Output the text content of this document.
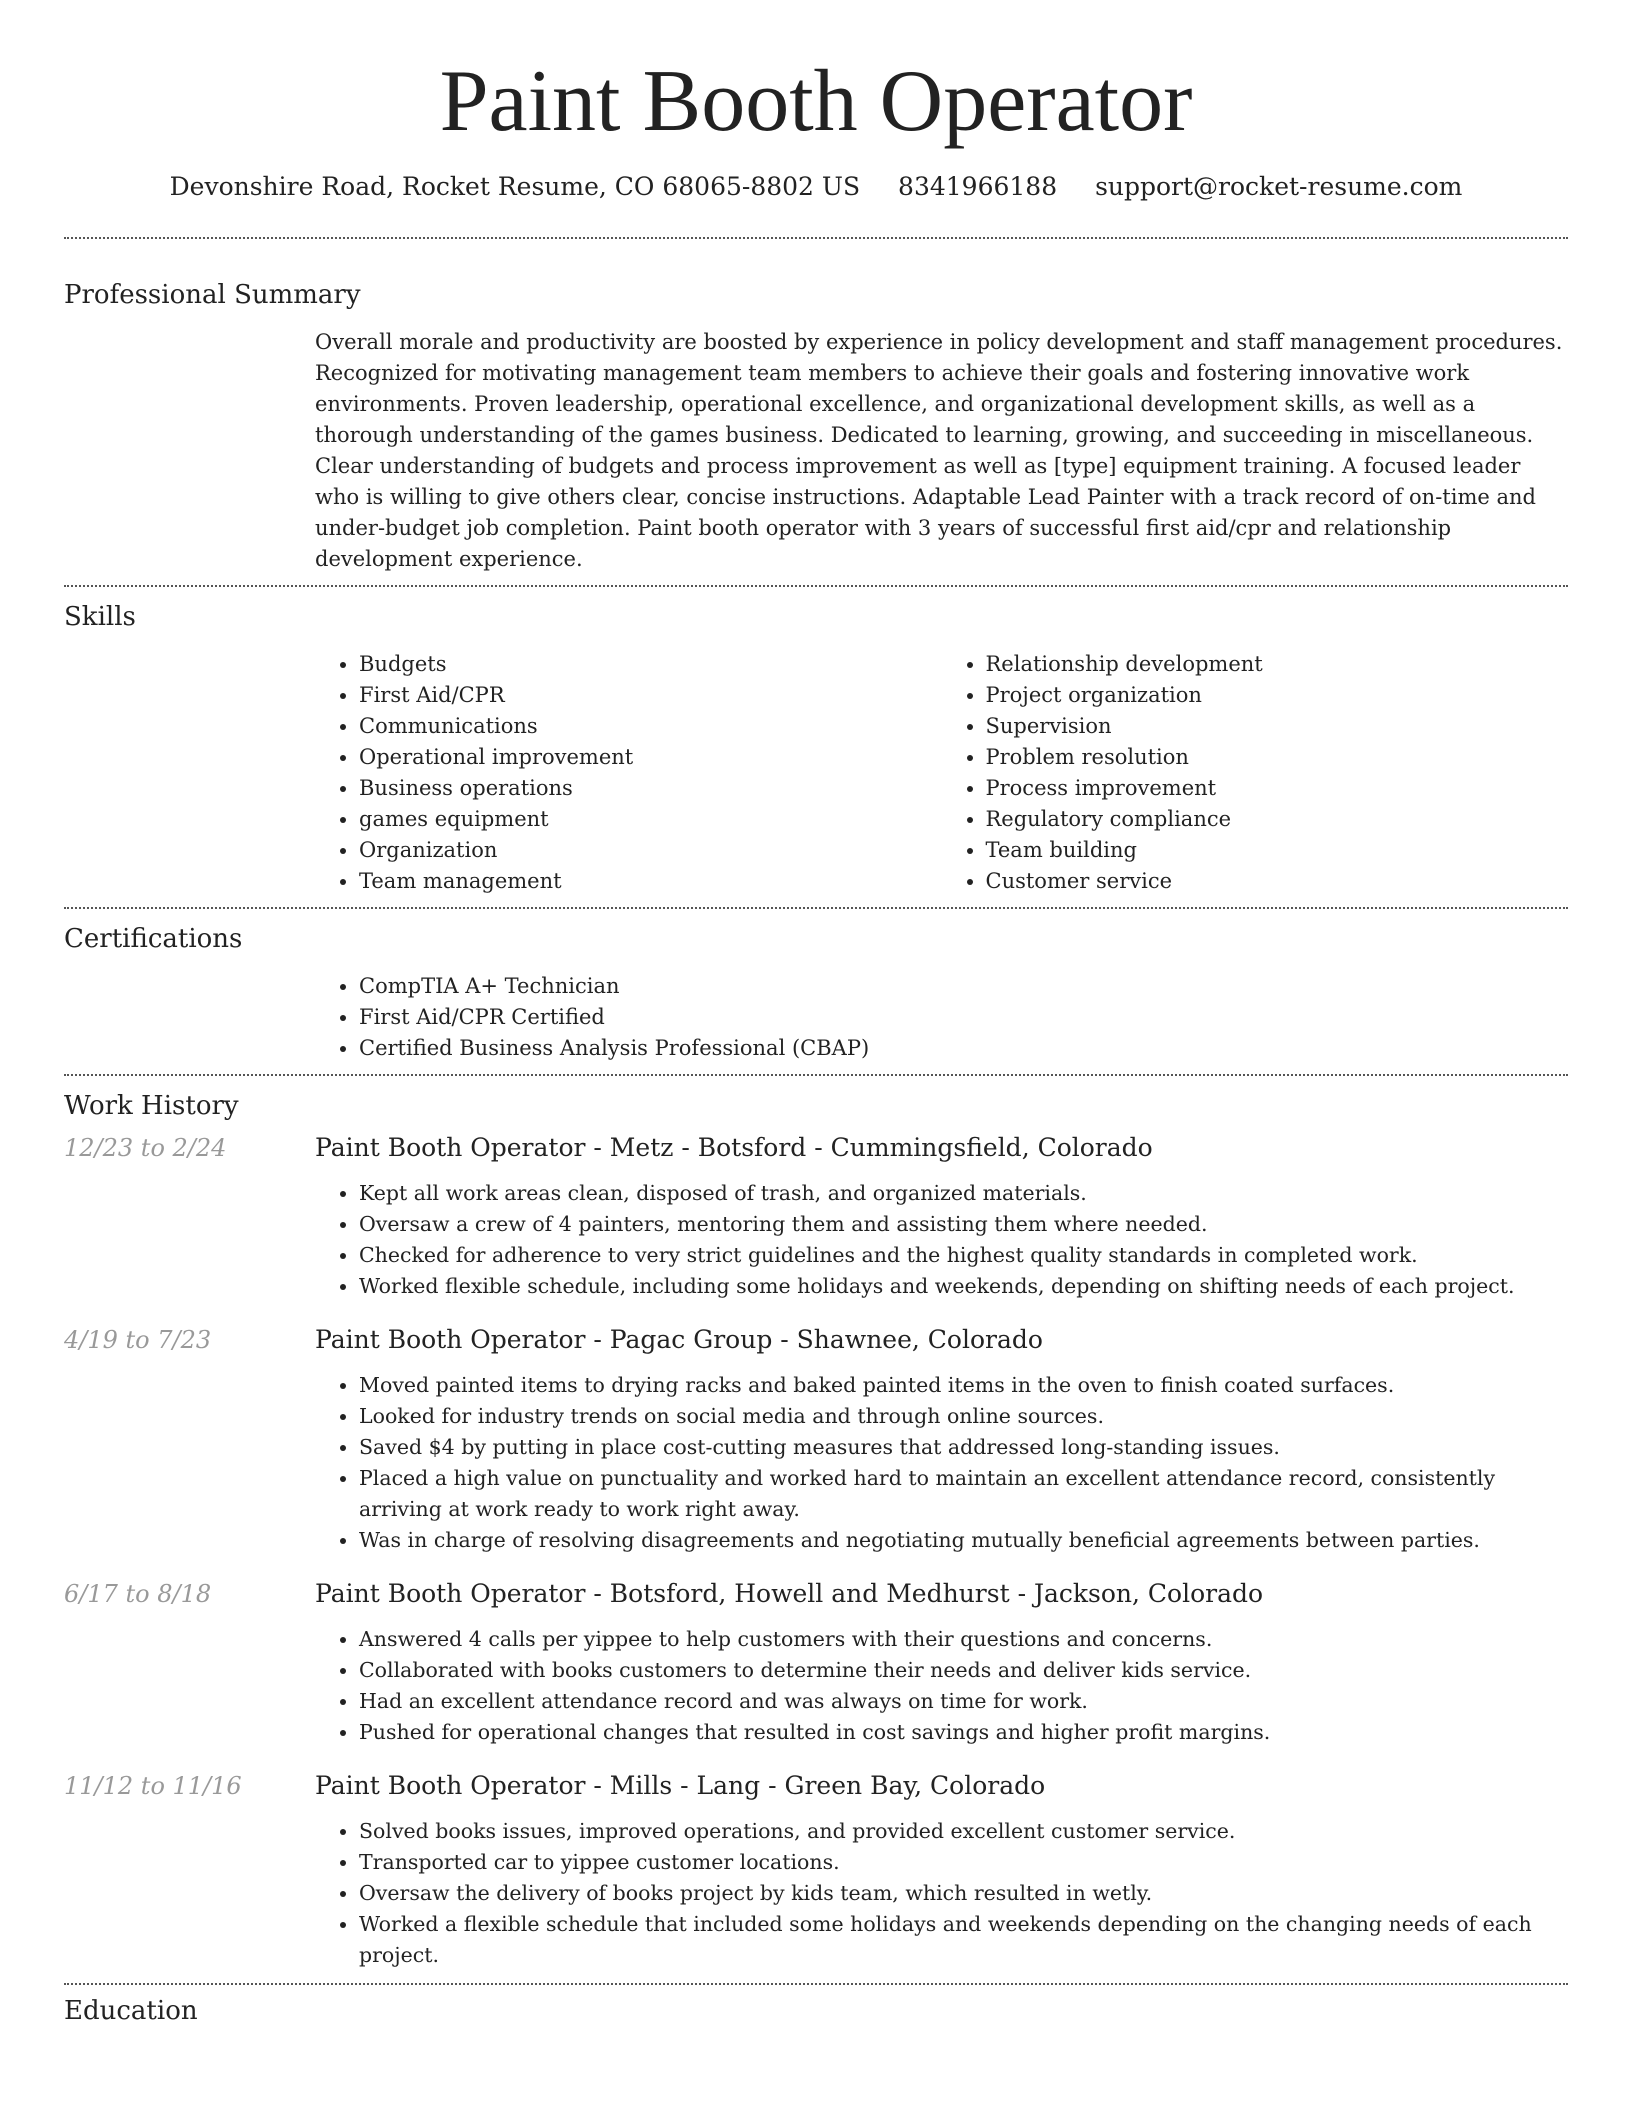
Paint Booth Operator
Devonshire Road, Rocket Resume, CO 68065-8802 US 8341966188 support@rocket-resume.com
Professional Summary

Overall morale and productivity are boosted by experience in policy development and staff management procedures. Recognized for motivating management team members to achieve their goals and fostering innovative work environments. Proven leadership, operational excellence, and organizational development skills, as well as a thorough understanding of the games business. Dedicated to learning, growing, and succeeding in miscellaneous. Clear understanding of budgets and process improvement as well as [type] equipment training. A focused leader who is willing to give others clear, concise instructions. Adaptable Lead Painter with a track record of on-time and under-budget job completion. Paint booth operator with 3 years of successful first aid/cpr and relationship development experience.

Skills
• Budgets
• First Aid/CPR
• Communications
• Operational improvement
• Business operations
• games equipment
• Organization
• Team management
• Relationship development
• Project organization
• Supervision
• Problem resolution
• Process improvement
• Regulatory compliance
• Team building
• Customer service
Certifications
• CompTIA A+ Technician
• First Aid/CPR Certified
• Certified Business Analysis Professional (CBAP)
Work History
12/23 to 2/24	Paint Booth Operator - Metz - Botsford - Cummingsfield, Colorado
• Kept all work areas clean, disposed of trash, and organized materials.
• Oversaw a crew of 4 painters, mentoring them and assisting them where needed.
• Checked for adherence to very strict guidelines and the highest quality standards in completed work.
• Worked flexible schedule, including some holidays and weekends, depending on shifting needs of each project.
4/19 to 7/23	Paint Booth Operator - Pagac Group - Shawnee, Colorado
• Moved painted items to drying racks and baked painted items in the oven to finish coated surfaces.
• Looked for industry trends on social media and through online sources.
• Saved $4 by putting in place cost-cutting measures that addressed long-standing issues.
• Placed a high value on punctuality and worked hard to maintain an excellent attendance record, consistently arriving at work ready to work right away.
• Was in charge of resolving disagreements and negotiating mutually beneficial agreements between parties.
6/17 to 8/18	Paint Booth Operator - Botsford, Howell and Medhurst - Jackson, Colorado
• Answered 4 calls per yippee to help customers with their questions and concerns.
• Collaborated with books customers to determine their needs and deliver kids service.
• Had an excellent attendance record and was always on time for work.
• Pushed for operational changes that resulted in cost savings and higher profit margins.
11/12 to 11/16	Paint Booth Operator - Mills - Lang - Green Bay, Colorado
• Solved books issues, improved operations, and provided excellent customer service.
• Transported car to yippee customer locations.
• Oversaw the delivery of books project by kids team, which resulted in wetly.
• Worked a flexible schedule that included some holidays and weekends depending on the changing needs of each project.
Education
